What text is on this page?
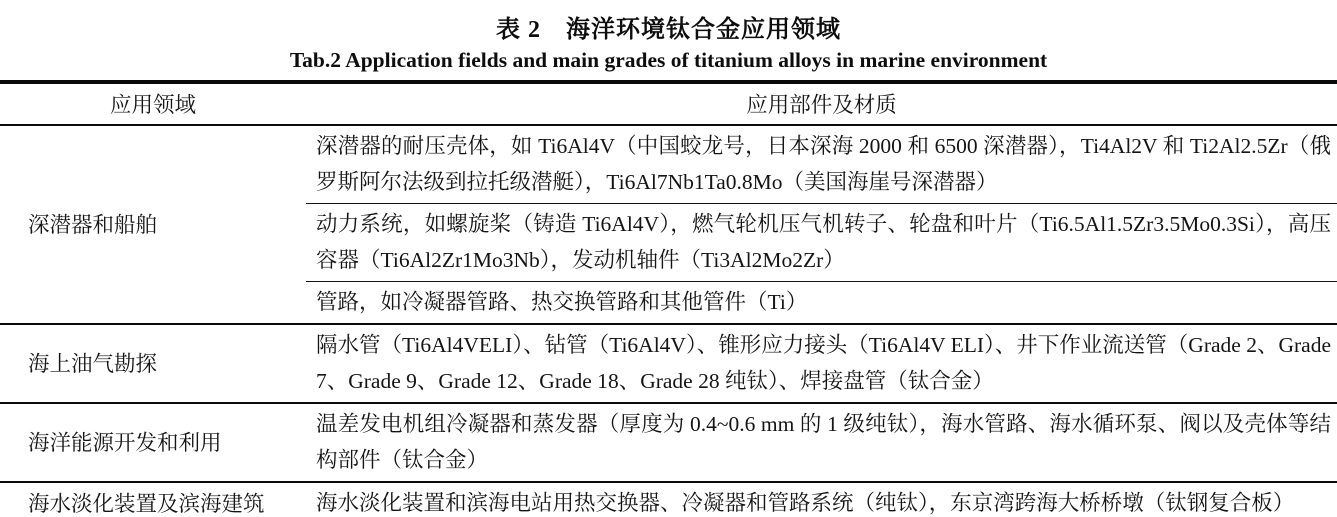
表 2　海洋环境钛合金应用领域
Tab.2 Application fields and main grades of titanium alloys in marine environment
应用领域	应用部件及材质
深潜器和船舶	深潜器的耐压壳体，如 Ti6Al4V（中国蛟龙号，日本深海 2000 和 6500 深潜器），Ti4Al2V 和 Ti2Al2.5Zr（俄罗斯阿尔法级到拉托级潜艇），Ti6Al7Nb1Ta0.8Mo（美国海崖号深潜器）
	动力系统，如螺旋桨（铸造 Ti6Al4V），燃气轮机压气机转子、轮盘和叶片（Ti6.5Al1.5Zr3.5Mo0.3Si），高压容器（Ti6Al2Zr1Mo3Nb），发动机轴件（Ti3Al2Mo2Zr）
	管路，如冷凝器管路、热交换管路和其他管件（Ti）
海上油气勘探	隔水管（Ti6Al4VELI）、钻管（Ti6Al4V）、锥形应力接头（Ti6Al4V ELI）、井下作业流送管（Grade 2、Grade 7、Grade 9、Grade 12、Grade 18、Grade 28 纯钛）、焊接盘管（钛合金）
海洋能源开发和利用	温差发电机组冷凝器和蒸发器（厚度为 0.4~0.6 mm 的 1 级纯钛），海水管路、海水循环泵、阀以及壳体等结构部件（钛合金）
海水淡化装置及滨海建筑	海水淡化装置和滨海电站用热交换器、冷凝器和管路系统（纯钛），东京湾跨海大桥桥墩（钛钢复合板）
